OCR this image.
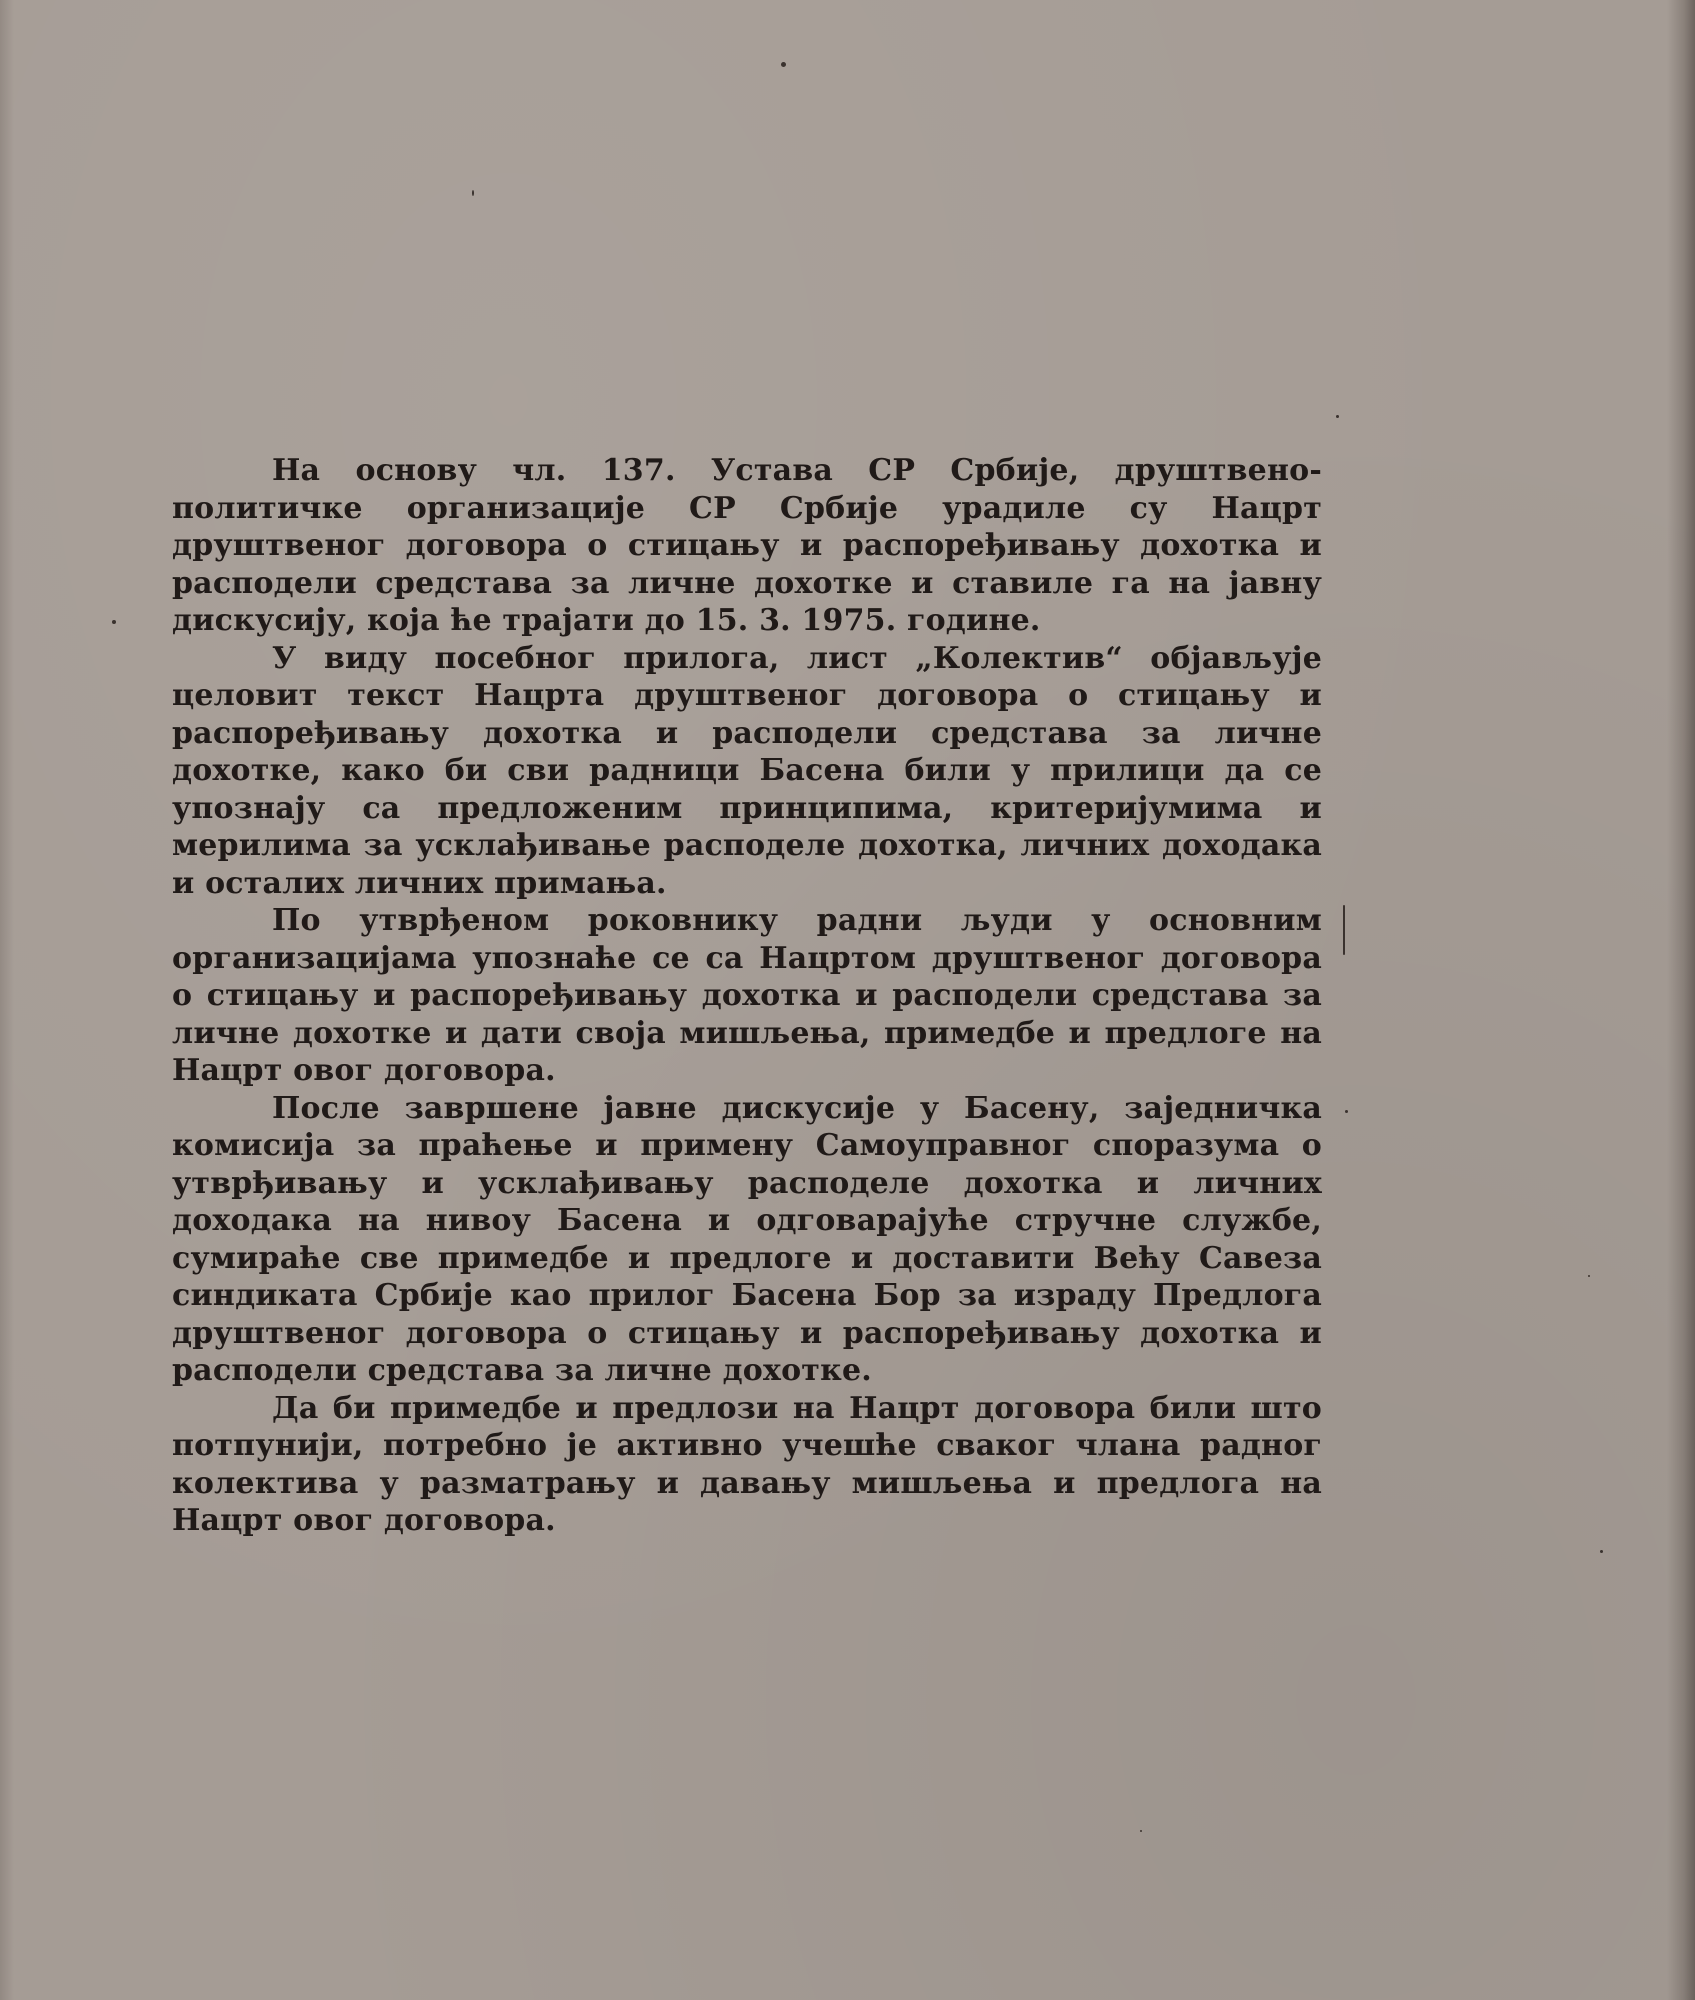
На основу чл. 137. Устава СР Србије, друштвено-политичке организације СР Србије урадиле су Нацрт друштвеног договора о стицању и распоређивању дохотка и расподели средстава за личне дохотке и ставиле га на јавну дискусију, која ће трајати до 15. 3. 1975. године.

У виду посебног прилога, лист „Колектив“ објављује целовит текст Нацрта друштвеног договора о стицању и распоређивању дохотка и расподели средстава за личне дохотке, како би сви радници Басена били у прилици да се упознају са предложеним принципима, критеријумима и мерилима за усклађивање расподеле дохотка, личних доходака и осталих личних примања.

По утврђеном роковнику радни људи у основним организацијама упознаће се са Нацртом друштвеног договора о стицању и распоређивању дохотка и расподели средстава за личне дохотке и дати своја мишљења, примедбе и предлоге на Нацрт овог договора.

После завршене јавне дискусије у Басену, заједничка комисија за праћење и примену Самоуправног споразума о утврђивању и усклађивању расподеле дохотка и личних доходака на нивоу Басена и одговарајуће стручне службе, сумираће све примедбе и предлоге и доставити Већу Савеза синдиката Србије као прилог Басена Бор за израду Предлога друштвеног договора о стицању и распоређивању дохотка и расподели средстава за личне дохотке.

Да би примедбе и предлози на Нацрт договора били што потпунији, потребно је активно учешће сваког члана радног колектива у разматрању и давању мишљења и предлога на Нацрт овог договора.
